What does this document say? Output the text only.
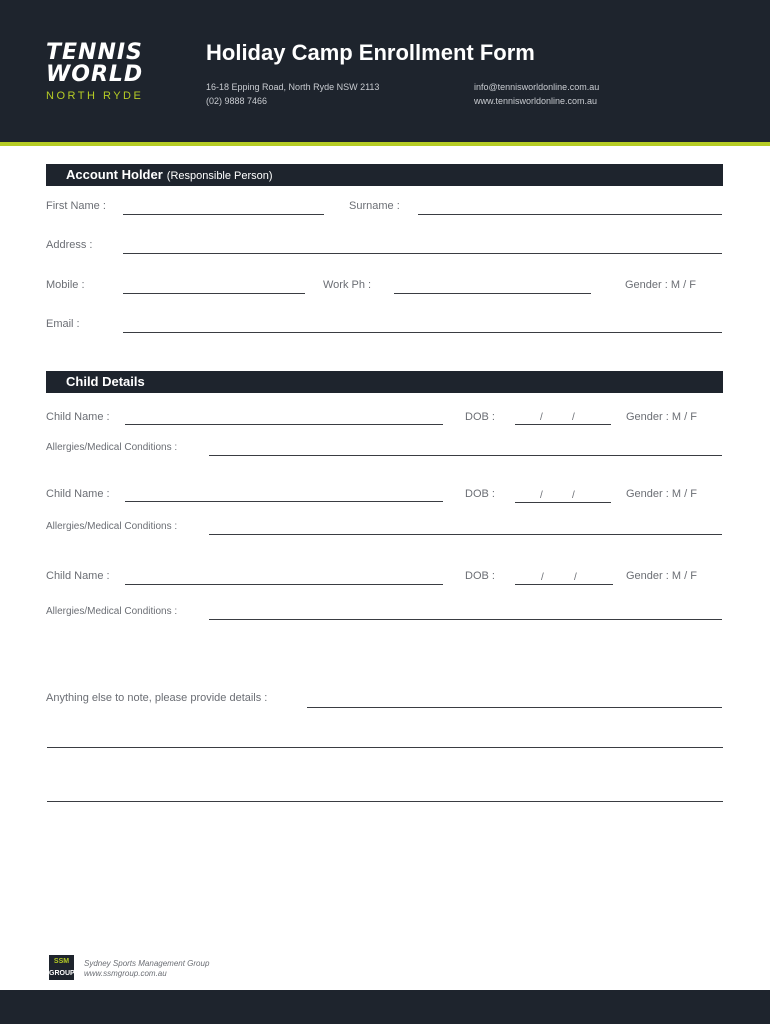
TENNIS
WORLD
NORTH RYDE
Holiday Camp Enrollment Form
16-18 Epping Road, North Ryde NSW 2113
(02) 9888 7466
info@tennisworldonline.com.au
www.tennisworldonline.com.au
Account Holder (Responsible Person)
First Name :	Surname :
Address :
Mobile :	Work Ph :	Gender : M / F
Email :
Child Details
Child Name :	DOB :	/	/	Gender : M / F
Allergies/Medical Conditions :
Child Name :	DOB :	/	/	Gender : M / F
Allergies/Medical Conditions :
Child Name :	DOB :	/	/	Gender : M / F
Allergies/Medical Conditions :
Anything else to note, please provide details :
SSM
GROUP
Sydney Sports Management Group
www.ssmgroup.com.au
